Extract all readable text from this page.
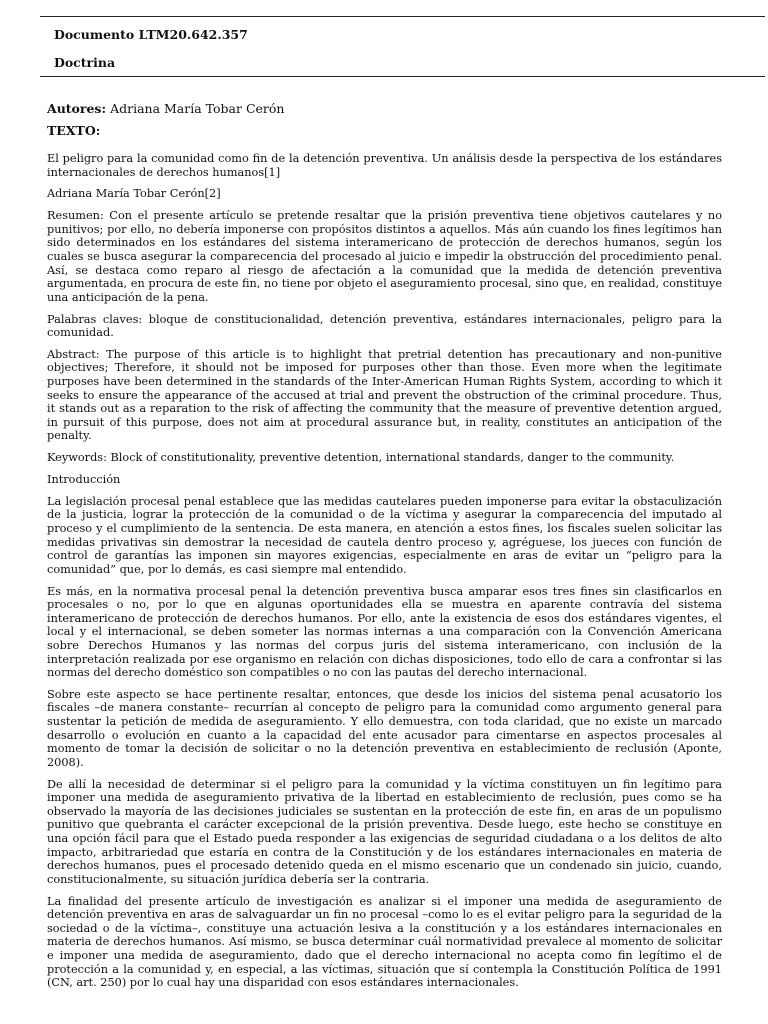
Documento LTM20.642.357
Doctrina
Autores: Adriana María Tobar Cerón
TEXTO:

El peligro para la comunidad como fin de la detención preventiva. Un análisis desde la perspectiva de los estándares internacionales de derechos humanos[1]

Adriana María Tobar Cerón[2]

Resumen: Con el presente artículo se pretende resaltar que la prisión preventiva tiene objetivos cautelares y no punitivos; por ello, no debería imponerse con propósitos distintos a aquellos. Más aún cuando los fines legítimos han sido determinados en los estándares del sistema interamericano de protección de derechos humanos, según los cuales se busca asegurar la comparecencia del procesado al juicio e impedir la obstrucción del procedimiento penal. Así, se destaca como reparo al riesgo de afectación a la comunidad que la medida de detención preventiva argumentada, en procura de este fin, no tiene por objeto el aseguramiento procesal, sino que, en realidad, constituye una anticipación de la pena.

Palabras claves: bloque de constitucionalidad, detención preventiva, estándares internacionales, peligro para la comunidad.

Abstract: The purpose of this article is to highlight that pretrial detention has precautionary and non-punitive objectives; Therefore, it should not be imposed for purposes other than those. Even more when the legitimate purposes have been determined in the standards of the Inter-American Human Rights System, according to which it seeks to ensure the appearance of the accused at trial and prevent the obstruction of the criminal procedure. Thus, it stands out as a reparation to the risk of affecting the community that the measure of preventive detention argued, in pursuit of this purpose, does not aim at procedural assurance but, in reality, constitutes an anticipation of the penalty.

Keywords: Block of constitutionality, preventive detention, international standards, danger to the community.

Introducción

La legislación procesal penal establece que las medidas cautelares pueden imponerse para evitar la obstaculización de la justicia, lograr la protección de la comunidad o de la víctima y asegurar la comparecencia del imputado al proceso y el cumplimiento de la sentencia. De esta manera, en atención a estos fines, los fiscales suelen solicitar las medidas privativas sin demostrar la necesidad de cautela dentro proceso y, agréguese, los jueces con función de control de garantías las imponen sin mayores exigencias, especialmente en aras de evitar un “peligro para la comunidad” que, por lo demás, es casi siempre mal entendido.

Es más, en la normativa procesal penal la detención preventiva busca amparar esos tres fines sin clasificarlos en procesales o no, por lo que en algunas oportunidades ella se muestra en aparente contravía del sistema interamericano de protección de derechos humanos. Por ello, ante la existencia de esos dos estándares vigentes, el local y el internacional, se deben someter las normas internas a una comparación con la Convención Americana sobre Derechos Humanos y las normas del corpus juris del sistema interamericano, con inclusión de la interpretación realizada por ese organismo en relación con dichas disposiciones, todo ello de cara a confrontar si las normas del derecho doméstico son compatibles o no con las pautas del derecho internacional.

Sobre este aspecto se hace pertinente resaltar, entonces, que desde los inicios del sistema penal acusatorio los fiscales –de manera constante– recurrían al concepto de peligro para la comunidad como argumento general para sustentar la petición de medida de aseguramiento. Y ello demuestra, con toda claridad, que no existe un marcado desarrollo o evolución en cuanto a la capacidad del ente acusador para cimentarse en aspectos procesales al momento de tomar la decisión de solicitar o no la detención preventiva en establecimiento de reclusión (Aponte, 2008).

De allí la necesidad de determinar si el peligro para la comunidad y la víctima constituyen un fin legítimo para imponer una medida de aseguramiento privativa de la libertad en establecimiento de reclusión, pues como se ha observado la mayoría de las decisiones judiciales se sustentan en la protección de este fin, en aras de un populismo punitivo que quebranta el carácter excepcional de la prisión preventiva. Desde luego, este hecho se constituye en una opción fácil para que el Estado pueda responder a las exigencias de seguridad ciudadana o a los delitos de alto impacto, arbitrariedad que estaría en contra de la Constitución y de los estándares internacionales en materia de derechos humanos, pues el procesado detenido queda en el mismo escenario que un condenado sin juicio, cuando, constitucionalmente, su situación jurídica debería ser la contraria.

La finalidad del presente artículo de investigación es analizar si el imponer una medida de aseguramiento de detención preventiva en aras de salvaguardar un fin no procesal –como lo es el evitar peligro para la seguridad de la sociedad o de la víctima–, constituye una actuación lesiva a la constitución y a los estándares internacionales en materia de derechos humanos. Así mismo, se busca determinar cuál normatividad prevalece al momento de solicitar e imponer una medida de aseguramiento, dado que el derecho internacional no acepta como fin legítimo el de protección a la comunidad y, en especial, a las víctimas, situación que sí contempla la Constitución Política de 1991 (CN, art. 250) por lo cual hay una disparidad con esos estándares internacionales.
